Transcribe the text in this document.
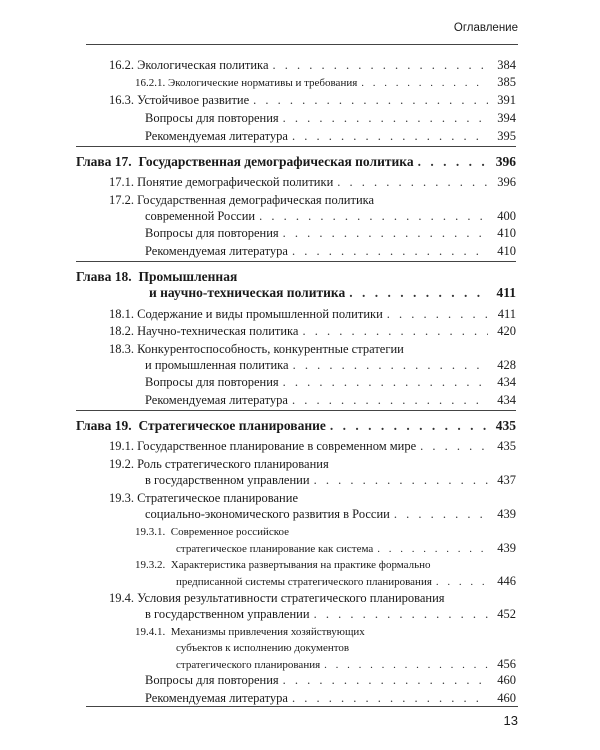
Оглавление
16.2. Экологическая политика . . .	384
16.2.1. Экологические нормативы и требования . . .	385
16.3. Устойчивое развитие . . .	391
Вопросы для повторения . . .	394
Рекомендуемая литература . . .	395
Глава 17. Государственная демографическая политика . . .	396
17.1. Понятие демографической политики . . .	396
17.2. Государственная демографическая политика
современной России . . .	400
Вопросы для повторения . . .	410
Рекомендуемая литература . . .	410
Глава 18. Промышленная
и научно-техническая политика . . .	411
18.1. Содержание и виды промышленной политики . . .	411
18.2. Научно-техническая политика . . .	420
18.3. Конкурентоспособность, конкурентные стратегии
и промышленная политика . . .	428
Вопросы для повторения . . .	434
Рекомендуемая литература . . .	434
Глава 19. Стратегическое планирование . . .	435
19.1. Государственное планирование в современном мире . . .	435
19.2. Роль стратегического планирования
в государственном управлении . . .	437
19.3. Стратегическое планирование
социально-экономического развития в России . . .	439
19.3.1. Современное российское
стратегическое планирование как система . . .	439
19.3.2. Характеристика развертывания на практике формально
предписанной системы стратегического планирования . . .	446
19.4. Условия результативности стратегического планирования
в государственном управлении . . .	452
19.4.1. Механизмы привлечения хозяйствующих
субъектов к исполнению документов
стратегического планирования . . .	456
Вопросы для повторения . . .	460
Рекомендуемая литература . . .	460
13
